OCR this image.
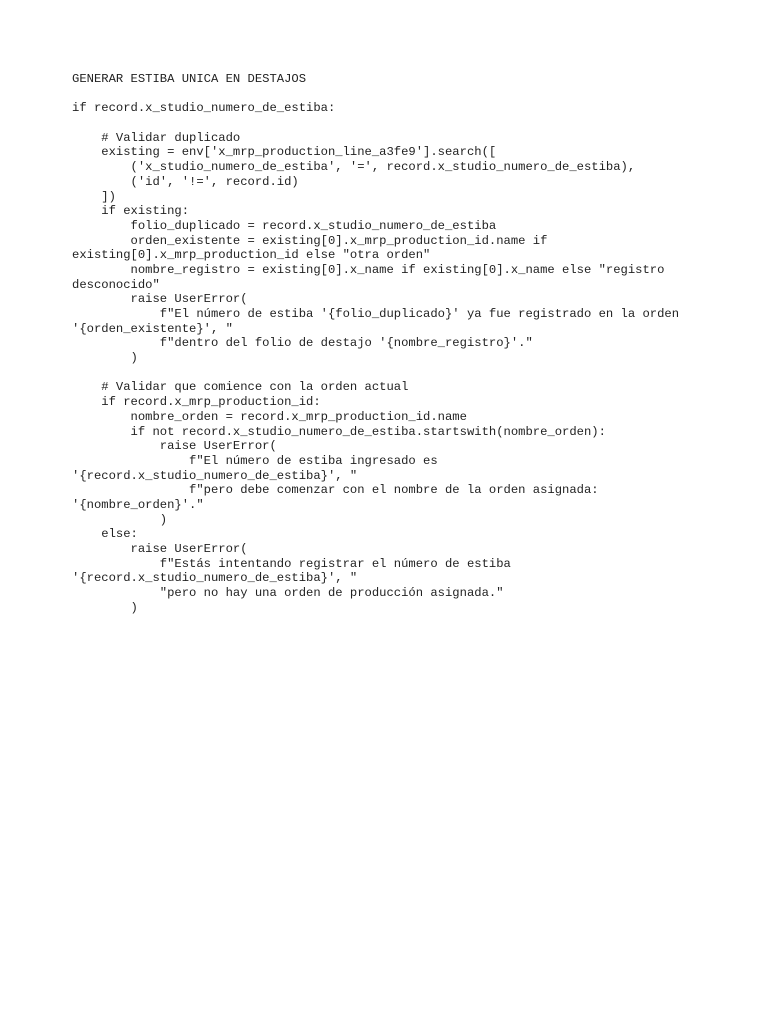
GENERAR ESTIBA UNICA EN DESTAJOS
if record.x_studio_numero_de_estiba:
# Validar duplicado
existing = env['x_mrp_production_line_a3fe9'].search([
('x_studio_numero_de_estiba', '=', record.x_studio_numero_de_estiba),
('id', '!=', record.id)
])
if existing:
folio_duplicado = record.x_studio_numero_de_estiba
orden_existente = existing[0].x_mrp_production_id.name if
existing[0].x_mrp_production_id else "otra orden"
nombre_registro = existing[0].x_name if existing[0].x_name else "registro
desconocido"
raise UserError(
f"El número de estiba '{folio_duplicado}' ya fue registrado en la orden
'{orden_existente}', "
f"dentro del folio de destajo '{nombre_registro}'."
)
# Validar que comience con la orden actual
if record.x_mrp_production_id:
nombre_orden = record.x_mrp_production_id.name
if not record.x_studio_numero_de_estiba.startswith(nombre_orden):
raise UserError(
f"El número de estiba ingresado es
'{record.x_studio_numero_de_estiba}', "
f"pero debe comenzar con el nombre de la orden asignada:
'{nombre_orden}'."
)
else:
raise UserError(
f"Estás intentando registrar el número de estiba
'{record.x_studio_numero_de_estiba}', "
"pero no hay una orden de producción asignada."
)
